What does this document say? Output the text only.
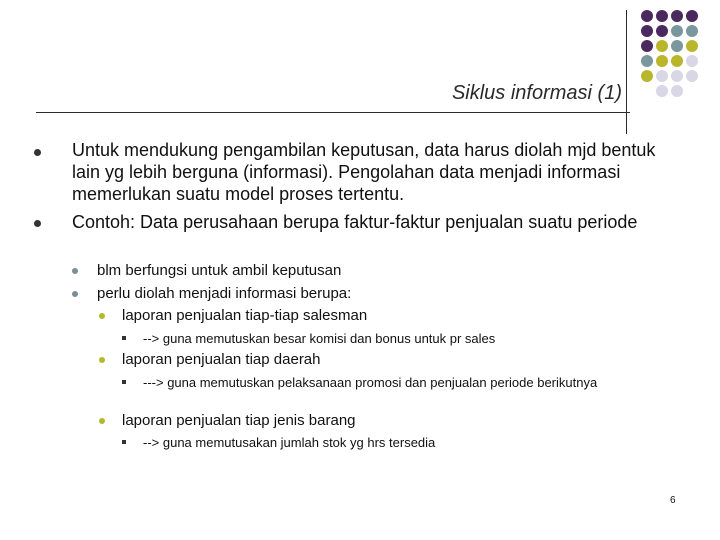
Siklus informasi (1)
Untuk mendukung pengambilan keputusan, data harus diolah mjd bentuk lain yg lebih berguna (informasi). Pengolahan data menjadi informasi memerlukan suatu model proses tertentu.
Contoh: Data perusahaan berupa faktur-faktur penjualan suatu periode
blm berfungsi untuk ambil keputusan
perlu diolah menjadi informasi berupa:
laporan penjualan tiap-tiap salesman
--> guna memutuskan besar komisi dan bonus untuk pr sales
laporan penjualan tiap daerah
---> guna memutuskan pelaksanaan promosi dan penjualan periode berikutnya
laporan penjualan tiap jenis barang
--> guna memutusakan jumlah stok yg hrs tersedia
6
